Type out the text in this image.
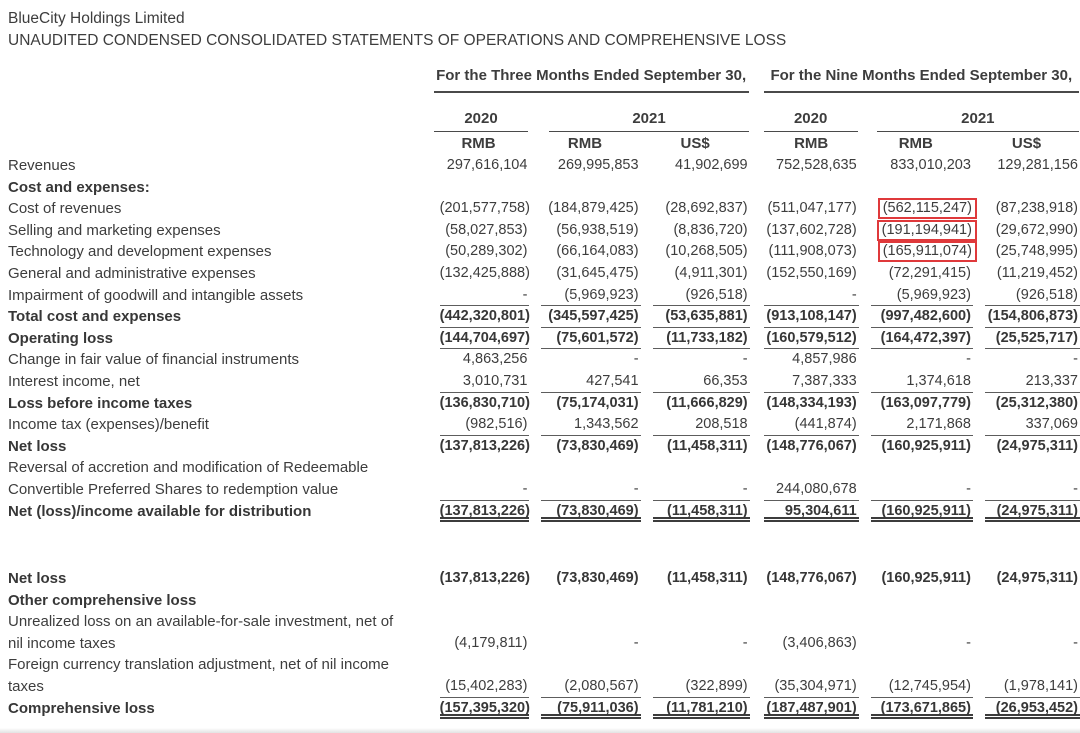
BlueCity Holdings Limited
UNAUDITED CONDENSED CONSOLIDATED STATEMENTS OF OPERATIONS AND COMPREHENSIVE LOSS

	For the Three Months Ended September 30,			For the Nine Months Ended September 30,		

	2020	2021		2020	2021	

	RMB	RMB	US$	RMB	RMB	US$
Revenues	297,616,104	269,995,853	41,902,699	752,528,635	833,010,203	129,281,156

Cost and expenses:	

Cost of revenues	(201,577,758)	(184,879,425)	(28,692,837)	(511,047,177)	(562,115,247)	(87,238,918)

Selling and marketing expenses	(58,027,853)	(56,938,519)	(8,836,720)	(137,602,728)	(191,194,941)	(29,672,990)

Technology and development expenses	(50,289,302)	(66,164,083)	(10,268,505)	(111,908,073)	(165,911,074)	(25,748,995)

General and administrative expenses	(132,425,888)	(31,645,475)	(4,911,301)	(152,550,169)	(72,291,415)	(11,219,452)

Impairment of goodwill and intangible assets	-	(5,969,923)	(926,518)	-	(5,969,923)	(926,518)

Total cost and expenses	(442,320,801)	(345,597,425)	(53,635,881)	(913,108,147)	(997,482,600)	(154,806,873)

Operating loss	(144,704,697)	(75,601,572)	(11,733,182)	(160,579,512)	(164,472,397)	(25,525,717)

Change in fair value of financial instruments	4,863,256	-	-	4,857,986	-	-

Interest income, net	3,010,731	427,541	66,353	7,387,333	1,374,618	213,337

Loss before income taxes	(136,830,710)	(75,174,031)	(11,666,829)	(148,334,193)	(163,097,779)	(25,312,380)

Income tax (expenses)/benefit	(982,516)	1,343,562	208,518	(441,874)	2,171,868	337,069

Net loss	(137,813,226)	(73,830,469)	(11,458,311)	(148,776,067)	(160,925,911)	(24,975,311)

Reversal of accretion and modification of Redeemable	

Convertible Preferred Shares to redemption value	-	-	-	244,080,678	-	-

Net (loss)/income available for distribution	(137,813,226)	(73,830,469)	(11,458,311)	95,304,611	(160,925,911)	(24,975,311)

Net loss	(137,813,226)	(73,830,469)	(11,458,311)	(148,776,067)	(160,925,911)	(24,975,311)

Other comprehensive loss	

Unrealized loss on an available-for-sale investment, net of	

nil income taxes	(4,179,811)	-	-	(3,406,863)	-	-

Foreign currency translation adjustment, net of nil income	

taxes	(15,402,283)	(2,080,567)	(322,899)	(35,304,971)	(12,745,954)	(1,978,141)

Comprehensive loss	(157,395,320)	(75,911,036)	(11,781,210)	(187,487,901)	(173,671,865)	(26,953,452)
